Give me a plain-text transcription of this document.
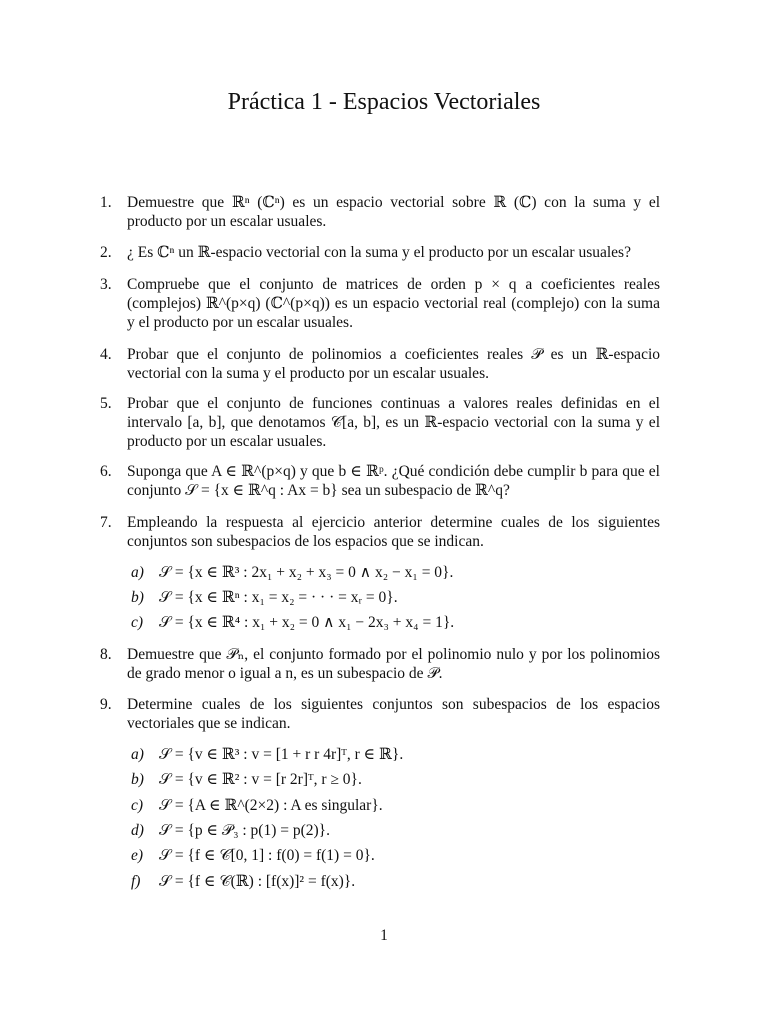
Práctica 1 - Espacios Vectoriales
1. Demuestre que ℝⁿ (ℂⁿ) es un espacio vectorial sobre ℝ (ℂ) con la suma y el producto por un escalar usuales.
2. ¿ Es ℂⁿ un ℝ-espacio vectorial con la suma y el producto por un escalar usuales?
3. Compruebe que el conjunto de matrices de orden p × q a coeficientes reales (complejos) ℝ^(p×q) (ℂ^(p×q)) es un espacio vectorial real (complejo) con la suma y el producto por un escalar usuales.
4. Probar que el conjunto de polinomios a coeficientes reales 𝒫 es un ℝ-espacio vectorial con la suma y el producto por un escalar usuales.
5. Probar que el conjunto de funciones continuas a valores reales definidas en el intervalo [a, b], que denotamos 𝒞[a, b], es un ℝ-espacio vectorial con la suma y el producto por un escalar usuales.
6. Suponga que A ∈ ℝ^(p×q) y que b ∈ ℝᵖ. ¿Qué condición debe cumplir b para que el conjunto 𝒮 = {x ∈ ℝ^q : Ax = b} sea un subespacio de ℝ^q?
7. Empleando la respuesta al ejercicio anterior determine cuales de los siguientes conjuntos son subespacios de los espacios que se indican.
a) 𝒮 = {x ∈ ℝ³ : 2x₁ + x₂ + x₃ = 0 ∧ x₂ − x₁ = 0}.
b) 𝒮 = {x ∈ ℝⁿ : x₁ = x₂ = · · · = xᵣ = 0}.
c)	𝒮 = {x ∈ ℝ⁴ : x₁ + x₂ = 0 ∧ x₁ − 2x₃ + x₄ = 1}.
8. Demuestre que 𝒫ₙ, el conjunto formado por el polinomio nulo y por los polinomios de grado menor o igual a n, es un subespacio de 𝒫.
9. Determine cuales de los siguientes conjuntos son subespacios de los espacios vectoriales que se indican.
a) 𝒮 = {v ∈ ℝ³ : v = [1 + r r 4r]ᵀ, r ∈ ℝ}.
b) 𝒮 = {v ∈ ℝ² : v = [r 2r]ᵀ, r ≥ 0}.
c)	𝒮 = {A ∈ ℝ^(2×2) : A es singular}.
d) 𝒮 = {p ∈ 𝒫₃ : p(1) = p(2)}.
e)	𝒮 = {f ∈ 𝒞[0, 1] : f(0) = f(1) = 0}.
f)	𝒮 = {f ∈ 𝒞(ℝ) : [f(x)]² = f(x)}.
1
